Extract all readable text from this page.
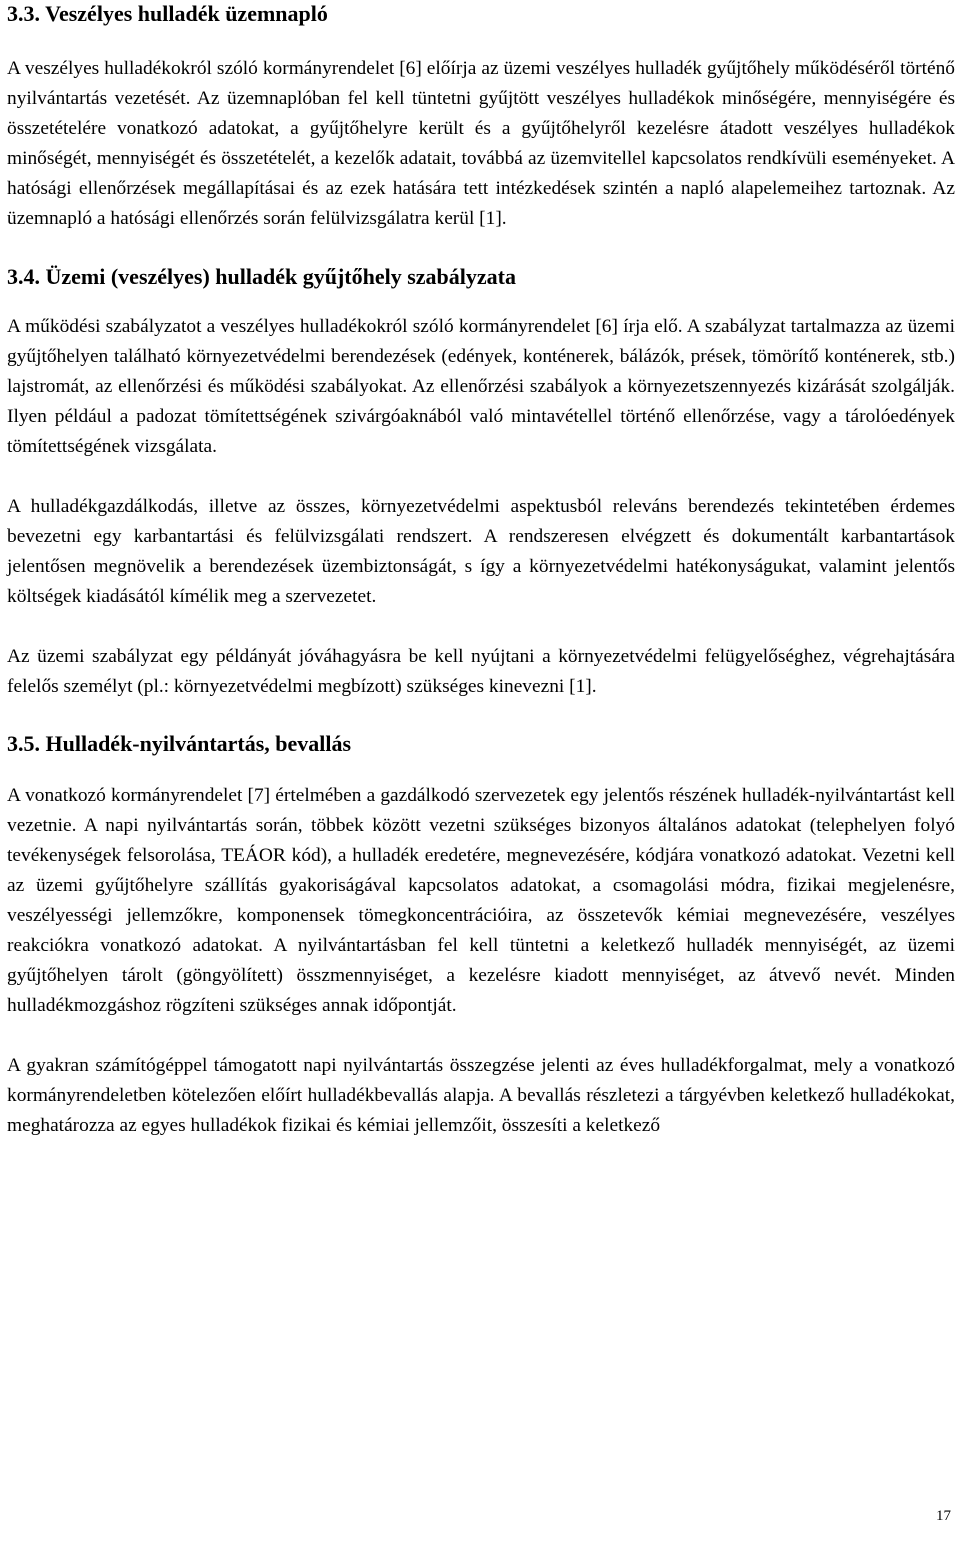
3.3. Veszélyes hulladék üzemnapló

A veszélyes hulladékokról szóló kormányrendelet [6] előírja az üzemi veszélyes hulladék gyűjtőhely működéséről történő nyilvántartás vezetését. Az üzemnaplóban fel kell tüntetni gyűjtött veszélyes hulladékok minőségére, mennyiségére és összetételére vonatkozó adatokat, a gyűjtőhelyre került és a gyűjtőhelyről kezelésre átadott veszélyes hulladékok minőségét, mennyiségét és összetételét, a kezelők adatait, továbbá az üzemvitellel kapcsolatos rendkívüli eseményeket. A hatósági ellenőrzések megállapításai és az ezek hatására tett intézkedések szintén a napló alapelemeihez tartoznak. Az üzemnapló a hatósági ellenőrzés során felülvizsgálatra kerül [1].

3.4. Üzemi (veszélyes) hulladék gyűjtőhely szabályzata

A működési szabályzatot a veszélyes hulladékokról szóló kormányrendelet [6] írja elő. A szabályzat tartalmazza az üzemi gyűjtőhelyen található környezetvédelmi berendezések (edények, konténerek, bálázók, prések, tömörítő konténerek, stb.) lajstromát, az ellenőrzési és működési szabályokat. Az ellenőrzési szabályok a környezetszennyezés kizárását szolgálják. Ilyen például a padozat tömítettségének szivárgóaknából való mintavétellel történő ellenőrzése, vagy a tárolóedények tömítettségének vizsgálata.

A hulladékgazdálkodás, illetve az összes, környezetvédelmi aspektusból releváns berendezés tekintetében érdemes bevezetni egy karbantartási és felülvizsgálati rendszert. A rendszeresen elvégzett és dokumentált karbantartások jelentősen megnövelik a berendezések üzembiztonságát, s így a környezetvédelmi hatékonyságukat, valamint jelentős költségek kiadásától kímélik meg a szervezetet.

Az üzemi szabályzat egy példányát jóváhagyásra be kell nyújtani a környezetvédelmi felügyelőséghez, végrehajtására felelős személyt (pl.: környezetvédelmi megbízott) szükséges kinevezni [1].

3.5. Hulladék-nyilvántartás, bevallás

A vonatkozó kormányrendelet [7] értelmében a gazdálkodó szervezetek egy jelentős részének hulladék-nyilvántartást kell vezetnie. A napi nyilvántartás során, többek között vezetni szükséges bizonyos általános adatokat (telephelyen folyó tevékenységek felsorolása, TEÁOR kód), a hulladék eredetére, megnevezésére, kódjára vonatkozó adatokat. Vezetni kell az üzemi gyűjtőhelyre szállítás gyakoriságával kapcsolatos adatokat, a csomagolási módra, fizikai megjelenésre, veszélyességi jellemzőkre, komponensek tömegkoncentrációira, az összetevők kémiai megnevezésére, veszélyes reakciókra vonatkozó adatokat. A nyilvántartásban fel kell tüntetni a keletkező hulladék mennyiségét, az üzemi gyűjtőhelyen tárolt (göngyölített) összmennyiséget, a kezelésre kiadott mennyiséget, az átvevő nevét. Minden hulladékmozgáshoz rögzíteni szükséges annak időpontját.

A gyakran számítógéppel támogatott napi nyilvántartás összegzése jelenti az éves hulladékforgalmat, mely a vonatkozó kormányrendeletben kötelezően előírt hulladékbevallás alapja. A bevallás részletezi a tárgyévben keletkező hulladékokat, meghatározza az egyes hulladékok fizikai és kémiai jellemzőit, összesíti a keletkező

17
